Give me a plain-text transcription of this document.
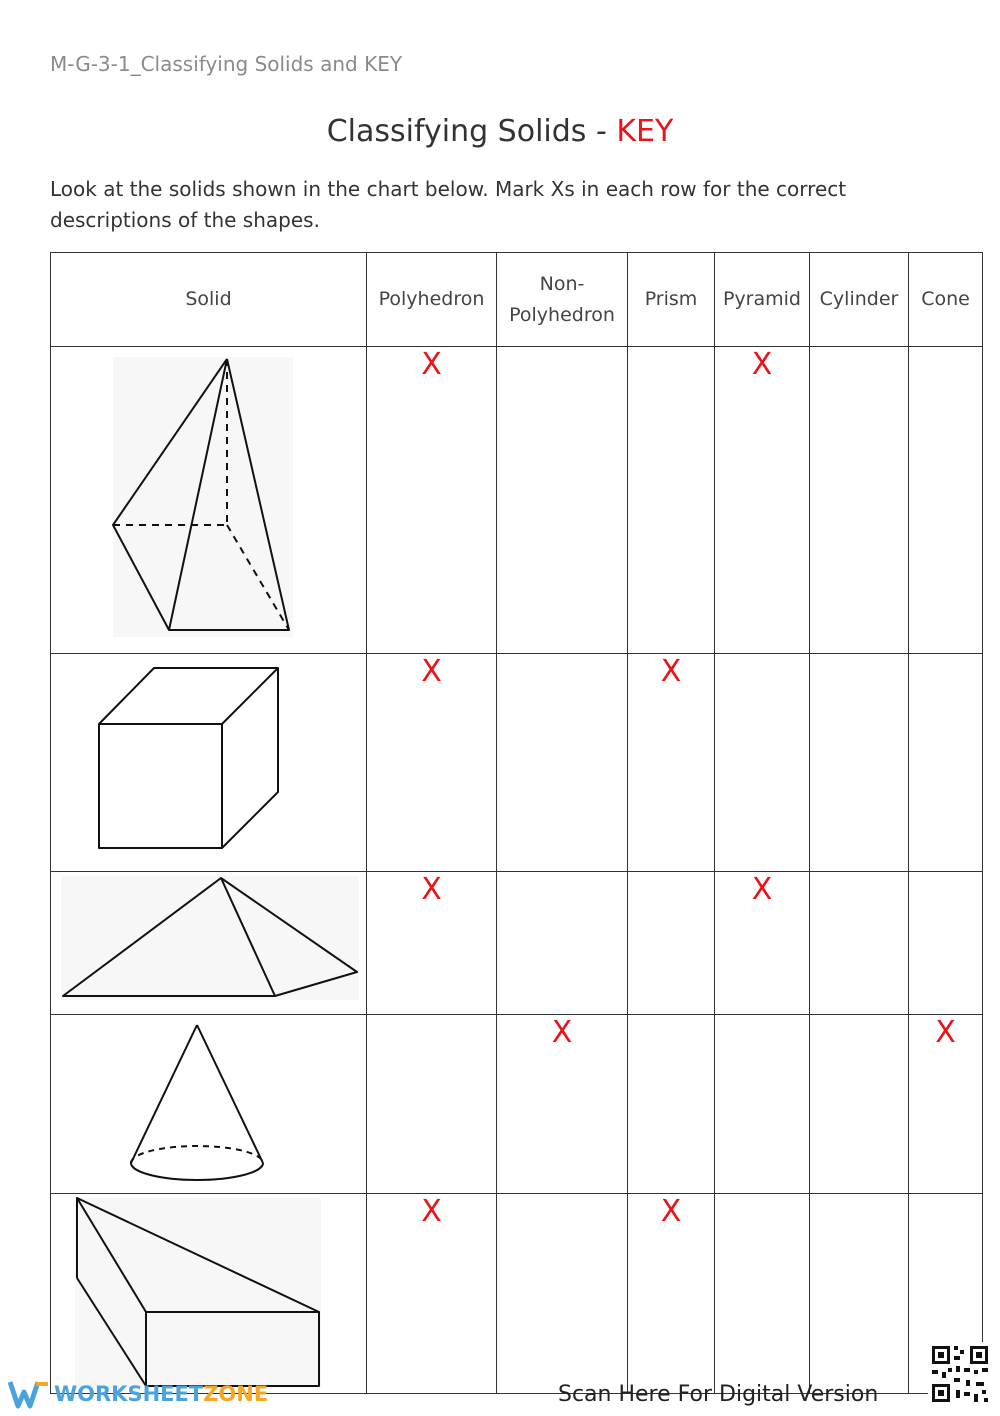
M-G-3-1_Classifying Solids and KEY
Classifying Solids - KEY
Look at the solids shown in the chart below. Mark Xs in each row for the correct descriptions of the shapes.
Solid	Polyhedron	Non-Polyhedron	Prism	Pyramid	Cylinder	Cone

	X			X		

	X		X			

	X			X		

		X				X

	X		X			
WORKSHEETZONE	Scan Here For Digital Version
